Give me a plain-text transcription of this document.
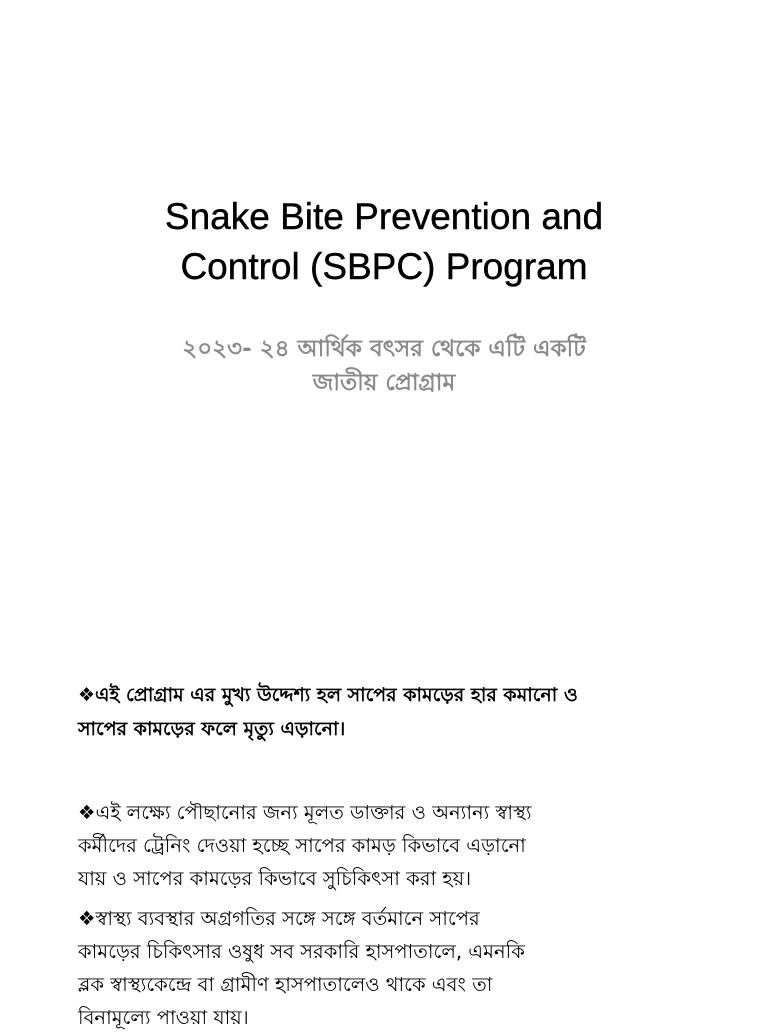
Snake Bite Prevention and
Control (SBPC) Program
২০২৩- ২৪ আর্থিক বৎসর থেকে এটি একটি
জাতীয় প্রোগ্রাম
❖এই প্রোগ্রাম এর মুখ্য উদ্দেশ্য হল সাপের কামড়ের হার কমানো ও
সাপের কামড়ের ফলে মৃত্যু এড়ানো।
❖এই লক্ষ্যে পৌছানোর জন্য মূলত ডাক্তার ও অন্যান্য স্বাস্থ্য
কর্মীদের ট্রেনিং দেওয়া হচ্ছে সাপের কামড় কিভাবে এড়ানো
যায় ও সাপের কামড়ের কিভাবে সুচিকিৎসা করা হয়।
❖স্বাস্থ্য ব্যবস্থার অগ্রগতির সঙ্গে সঙ্গে বর্তমানে সাপের
কামড়ের চিকিৎসার ওষুধ সব সরকারি হাসপাতালে, এমনকি
ব্লক স্বাস্থ্যকেন্দ্রে বা গ্রামীণ হাসপাতালেও থাকে এবং তা
বিনামূল্যে পাওয়া যায়।
